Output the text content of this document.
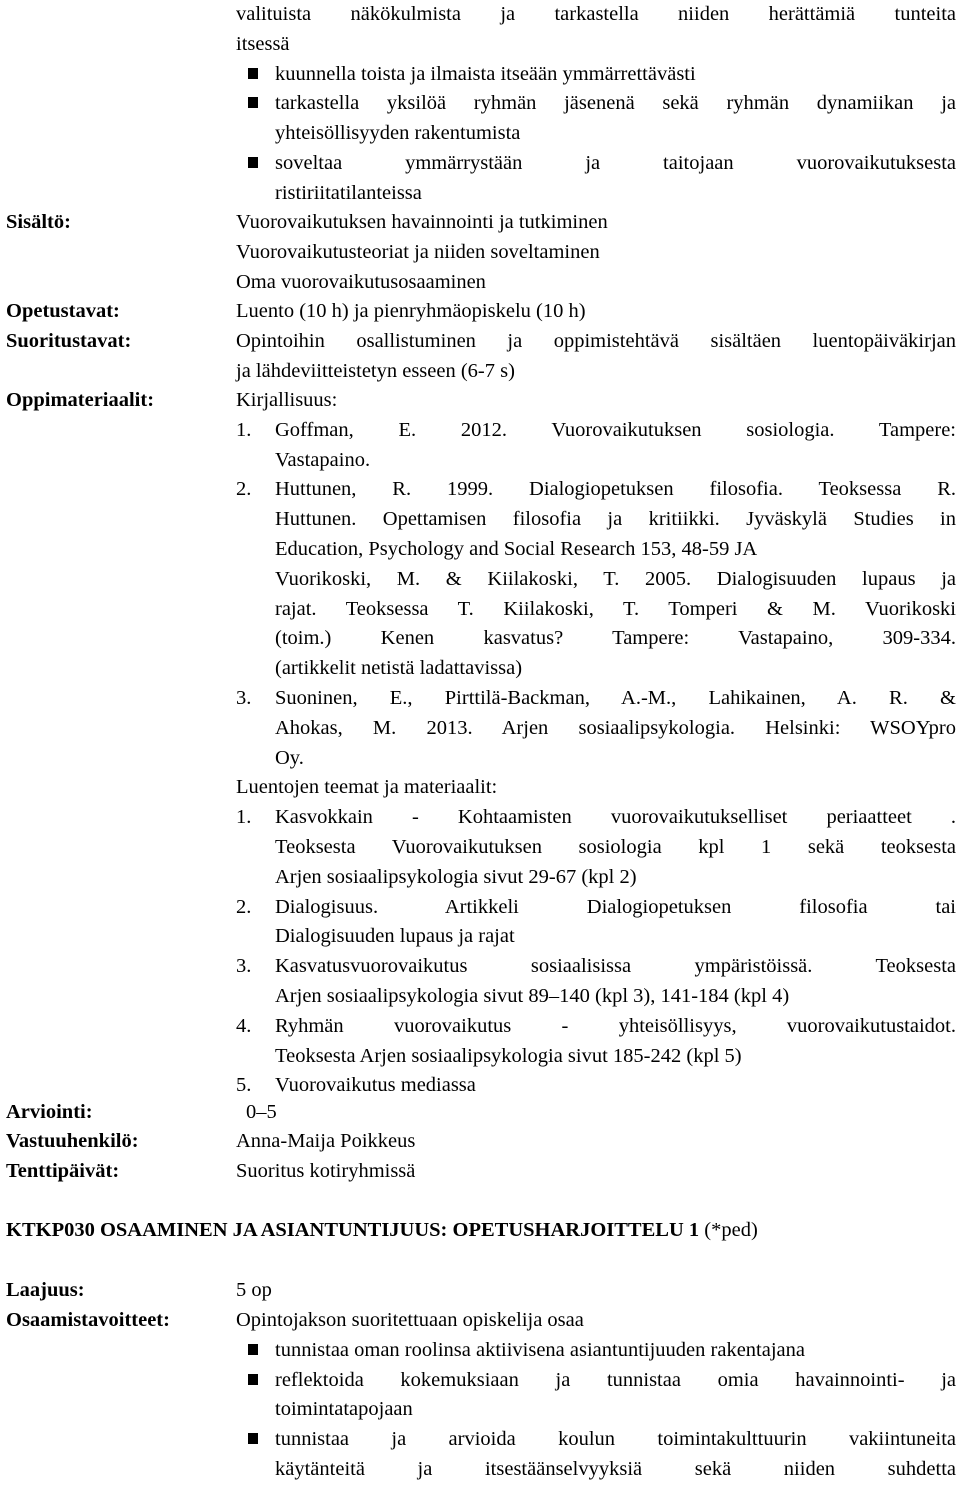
valituista näkökulmista ja tarkastella niiden herättämiä tunteita
itsessä
kuunnella toista ja ilmaista itseään ymmärrettävästi
tarkastella yksilöä ryhmän jäsenenä sekä ryhmän dynamiikan ja
yhteisöllisyyden rakentumista
soveltaa ymmärrystään ja taitojaan vuorovaikutuksesta
ristiriitatilanteissa
Sisältö:	Vuorovaikutuksen havainnointi ja tutkiminen
Vuorovaikutusteoriat ja niiden soveltaminen
Oma vuorovaikutusosaaminen
Opetustavat:	Luento (10 h) ja pienryhmäopiskelu (10 h)
Suoritustavat:	Opintoihin osallistuminen ja oppimistehtävä sisältäen luentopäiväkirjan
ja lähdeviitteistetyn esseen (6-7 s)
Oppimateriaalit:	Kirjallisuus:
1.	Goffman, E. 2012. Vuorovaikutuksen sosiologia. Tampere:
Vastapaino.
2.	Huttunen, R. 1999. Dialogiopetuksen filosofia. Teoksessa R.
Huttunen. Opettamisen filosofia ja kritiikki. Jyväskylä Studies in
Education, Psychology and Social Research 153, 48-59 JA
Vuorikoski, M. & Kiilakoski, T. 2005. Dialogisuuden lupaus ja
rajat. Teoksessa T. Kiilakoski, T. Tomperi & M. Vuorikoski
(toim.) Kenen kasvatus? Tampere: Vastapaino, 309-334.
(artikkelit netistä ladattavissa)
3.	Suoninen, E., Pirttilä-Backman, A.-M., Lahikainen, A. R. &
Ahokas, M. 2013. Arjen sosiaalipsykologia. Helsinki: WSOYpro
Oy.
Luentojen teemat ja materiaalit:
1.	Kasvokkain - Kohtaamisten vuorovaikutukselliset periaatteet .
Teoksesta Vuorovaikutuksen sosiologia kpl 1 sekä teoksesta
Arjen sosiaalipsykologia sivut 29-67 (kpl 2)
2.	Dialogisuus. Artikkeli Dialogiopetuksen filosofia tai
Dialogisuuden lupaus ja rajat
3.	Kasvatusvuorovaikutus sosiaalisissa ympäristöissä. Teoksesta
Arjen sosiaalipsykologia sivut 89–140 (kpl 3), 141-184 (kpl 4)
4.	Ryhmän vuorovaikutus - yhteisöllisyys, vuorovaikutustaidot.
Teoksesta Arjen sosiaalipsykologia sivut 185-242 (kpl 5)
5.	Vuorovaikutus mediassa
Arviointi:	0–5
Vastuuhenkilö:	Anna-Maija Poikkeus
Tenttipäivät:	Suoritus kotiryhmissä
KTKP030 OSAAMINEN JA ASIANTUNTIJUUS: OPETUSHARJOITTELU 1 (*ped)
Laajuus:	5 op
Osaamistavoitteet:	Opintojakson suoritettuaan opiskelija osaa
tunnistaa oman roolinsa aktiivisena asiantuntijuuden rakentajana
reflektoida kokemuksiaan ja tunnistaa omia havainnointi- ja
toimintatapojaan
tunnistaa ja arvioida koulun toimintakulttuurin vakiintuneita
käytänteitä ja itsestäänselvyyksiä sekä niiden suhdetta
